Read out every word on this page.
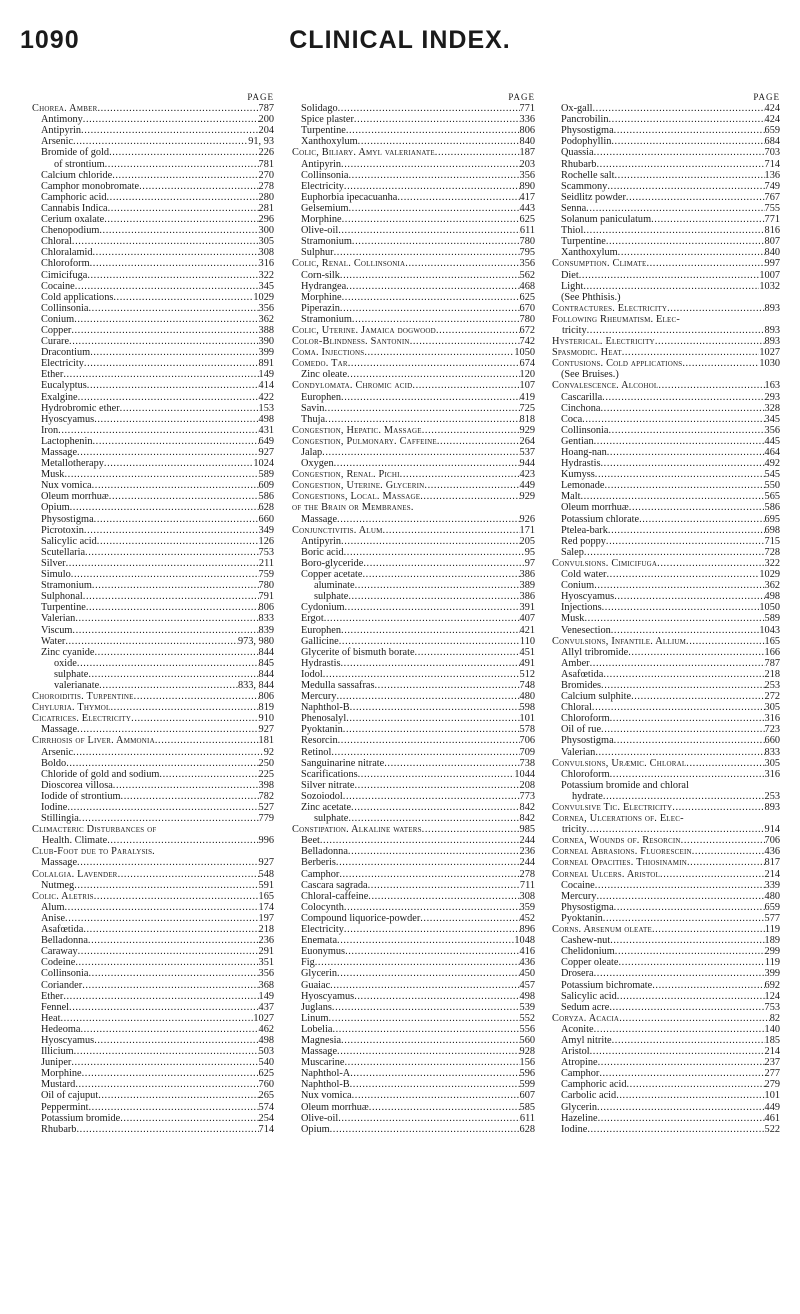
1090	CLINICAL INDEX.
PAGE
Chorea. Amber .....	787
Antimony .....	200
Antipyrin .....	204
Arsenic .....	91, 93
Bromide of gold .....	226
of strontium .....	781
Calcium chloride .....	270
Camphor monobromate .....	278
Camphoric acid .....	280
Cannabis Indica .....	281
Cerium oxalate .....	296
Chenopodium .....	300
Chloral .....	305
Chloralamid .....	308
Chloroform .....	316
Cimicifuga .....	322
Cocaine .....	345
Cold applications .....	1029
Collinsonia .....	356
Conium .....	362
Copper .....	388
Curare .....	390
Dracontium .....	399
Electricity .....	891
Ether .....	149
Eucalyptus .....	414
Exalgine .....	422
Hydrobromic ether .....	153
Hyoscyamus .....	498
Iron .....	431
Lactophenin .....	649
Massage .....	927
Metallotherapy .....	1024
Musk .....	589
Nux vomica .....	609
Oleum morrhuæ .....	586
Opium .....	628
Physostigma .....	660
Picrotoxin .....	349
Salicylic acid .....	126
Scutellaria .....	753
Silver .....	211
Simulo .....	759
Stramonium .....	780
Sulphonal .....	791
Turpentine .....	806
Valerian .....	833
Viscum .....	839
Water .....	973, 980
Zinc cyanide .....	844
oxide .....	845
sulphate .....	844
valerianate .....	833, 844
Choroiditis. Turpentine .....	806
Chyluria. Thymol .....	819
Cicatrices. Electricity .....	910
Massage .....	927
Cirrhosis of Liver. Ammonia .....	181
Arsenic .....	92
Boldo .....	250
Chloride of gold and sodium .....	225
Dioscorea villosa .....	398
Iodide of strontium .....	782
Iodine .....	527
Stillingia .....	779
Climacteric Disturbances of
Health. Climate .....	996
Club-Foot due to Paralysis.
Massage .....	927
Colalgia. Lavender .....	548
Nutmeg .....	591
Colic. Aletris .....	165
Alum .....	174
Anise .....	197
Asafœtida .....	218
Belladonna .....	236
Caraway .....	291
Codeine .....	351
Collinsonia .....	356
Coriander .....	368
Ether .....	149
Fennel .....	437
Heat .....	1027
Hedeoma .....	462
Hyoscyamus .....	498
Illicium .....	503
Juniper .....	540
Morphine .....	625
Mustard .....	760
Oil of cajuput .....	265
Peppermint .....	574
Potassium bromide .....	254
Rhubarb .....	714
PAGE
Solidago .....	771
Spice plaster .....	336
Turpentine .....	806
Xanthoxylum .....	840
Colic, Biliary. Amyl valerianate .....	187
Antipyrin .....	203
Collinsonia .....	356
Electricity .....	890
Euphorbia ipecacuanha .....	417
Gelsemium .....	443
Morphine .....	625
Olive-oil .....	611
Stramonium .....	780
Sulphur .....	795
Colic, Renal. Collinsonia .....	356
Corn-silk .....	562
Hydrangea .....	468
Morphine .....	625
Piperazin .....	670
Stramonium .....	780
Colic, Uterine. Jamaica dogwood .....	672
Color-Blindness. Santonin .....	742
Coma. Injections .....	1050
Comedo. Tar .....	674
Zinc oleate .....	120
Condylomata. Chromic acid .....	107
Europhen .....	419
Savin .....	725
Thuja .....	818
Congestion, Hepatic. Massage .....	929
Congestion, Pulmonary. Caffeine .....	264
Jalap .....	537
Oxygen .....	944
Congestion, Renal. Pichi .....	423
Congestion, Uterine. Glycerin .....	449
Congestions, Local. Massage .....	929
of the Brain or Membranes.
Massage .....	926
Conjunctivitis. Alum .....	171
Antipyrin .....	205
Boric acid .....	95
Boro-glyceride .....	97
Copper acetate .....	386
aluminate .....	389
sulphate .....	386
Cydonium .....	391
Ergot .....	407
Europhen .....	421
Gallicine .....	110
Glycerite of bismuth borate .....	451
Hydrastis .....	491
Iodol .....	512
Medulla sassafras .....	748
Mercury .....	480
Naphthol-B .....	598
Phenosalyl .....	101
Pyoktanin .....	578
Resorcin .....	706
Retinol .....	709
Sanguinarine nitrate .....	738
Scarifications .....	1044
Silver nitrate .....	208
Sozoiodol .....	773
Zinc acetate .....	842
sulphate .....	842
Constipation. Alkaline waters .....	985
Beet .....	244
Belladonna .....	236
Berberis .....	244
Camphor .....	278
Cascara sagrada .....	711
Chloral-caffeine .....	308
Colocynth .....	359
Compound liquorice-powder .....	452
Electricity .....	896
Enemata .....	1048
Euonymus .....	416
Fig .....	436
Glycerin .....	450
Guaiac .....	457
Hyoscyamus .....	498
Juglans .....	539
Linum .....	552
Lobelia .....	556
Magnesia .....	560
Massage .....	928
Muscarine .....	156
Naphthol-A .....	596
Naphthol-B .....	599
Nux vomica .....	607
Oleum morrhuæ .....	585
Olive-oil .....	611
Opium .....	628
PAGE
Ox-gall .....	424
Pancrobilin .....	424
Physostigma .....	659
Podophyllin .....	684
Quassia .....	703
Rhubarb .....	714
Rochelle salt .....	136
Scammony .....	749
Seidlitz powder .....	767
Senna .....	755
Solanum paniculatum .....	771
Thiol .....	816
Turpentine .....	807
Xanthoxylum .....	840
Consumption. Climate .....	997
Diet .....	1007
Light .....	1032
(See Phthisis.)
Contractures. Electricity .....	893
Following Rheumatism. Elec-
tricity .....	893
Hysterical. Electricity .....	893
Spasmodic. Heat .....	1027
Contusions. Cold applications .....	1030
(See Bruises.)
Convalescence. Alcohol .....	163
Cascarilla .....	293
Cinchona .....	328
Coca .....	345
Collinsonia .....	356
Gentian .....	445
Hoang-nan .....	464
Hydrastis .....	492
Kumyss .....	545
Lemonade .....	550
Malt .....	565
Oleum morrhuæ .....	586
Potassium chlorate .....	695
Ptelea-bark .....	698
Red poppy .....	715
Salep .....	728
Convulsions. Cimicifuga .....	322
Cold water .....	1029
Conium .....	362
Hyoscyamus .....	498
Injections .....	1050
Musk .....	589
Venesection .....	1043
Convulsions, Infantile. Allium .....	165
Allyl tribromide .....	166
Amber .....	787
Asafœtida .....	218
Bromides .....	253
Calcium sulphite .....	272
Chloral .....	305
Chloroform .....	316
Oil of rue .....	723
Physostigma .....	660
Valerian .....	833
Convulsions, Uræmic. Chloral .....	305
Chloroform .....	316
Potassium bromide and chloral
hydrate .....	253
Convulsive Tic. Electricity .....	893
Cornea, Ulcerations of. Elec-
tricity .....	914
Cornea, Wounds of. Resorcin .....	706
Corneal Abrasions. Fluorescein .....	436
Corneal Opacities. Thiosinamin .....	817
Corneal Ulcers. Aristol .....	214
Cocaine .....	339
Mercury .....	480
Physostigma .....	659
Pyoktanin .....	577
Corns. Arsenum oleate .....	119
Cashew-nut .....	189
Chelidonium .....	299
Copper oleate .....	119
Drosera .....	399
Potassium bichromate .....	692
Salicylic acid .....	124
Sedum acre .....	753
Coryza. Acacia .....	82
Aconite .....	140
Amyl nitrite .....	185
Aristol .....	214
Atropine .....	237
Camphor .....	277
Camphoric acid .....	279
Carbolic acid .....	101
Glycerin .....	449
Hazeline .....	461
Iodine .....	522
